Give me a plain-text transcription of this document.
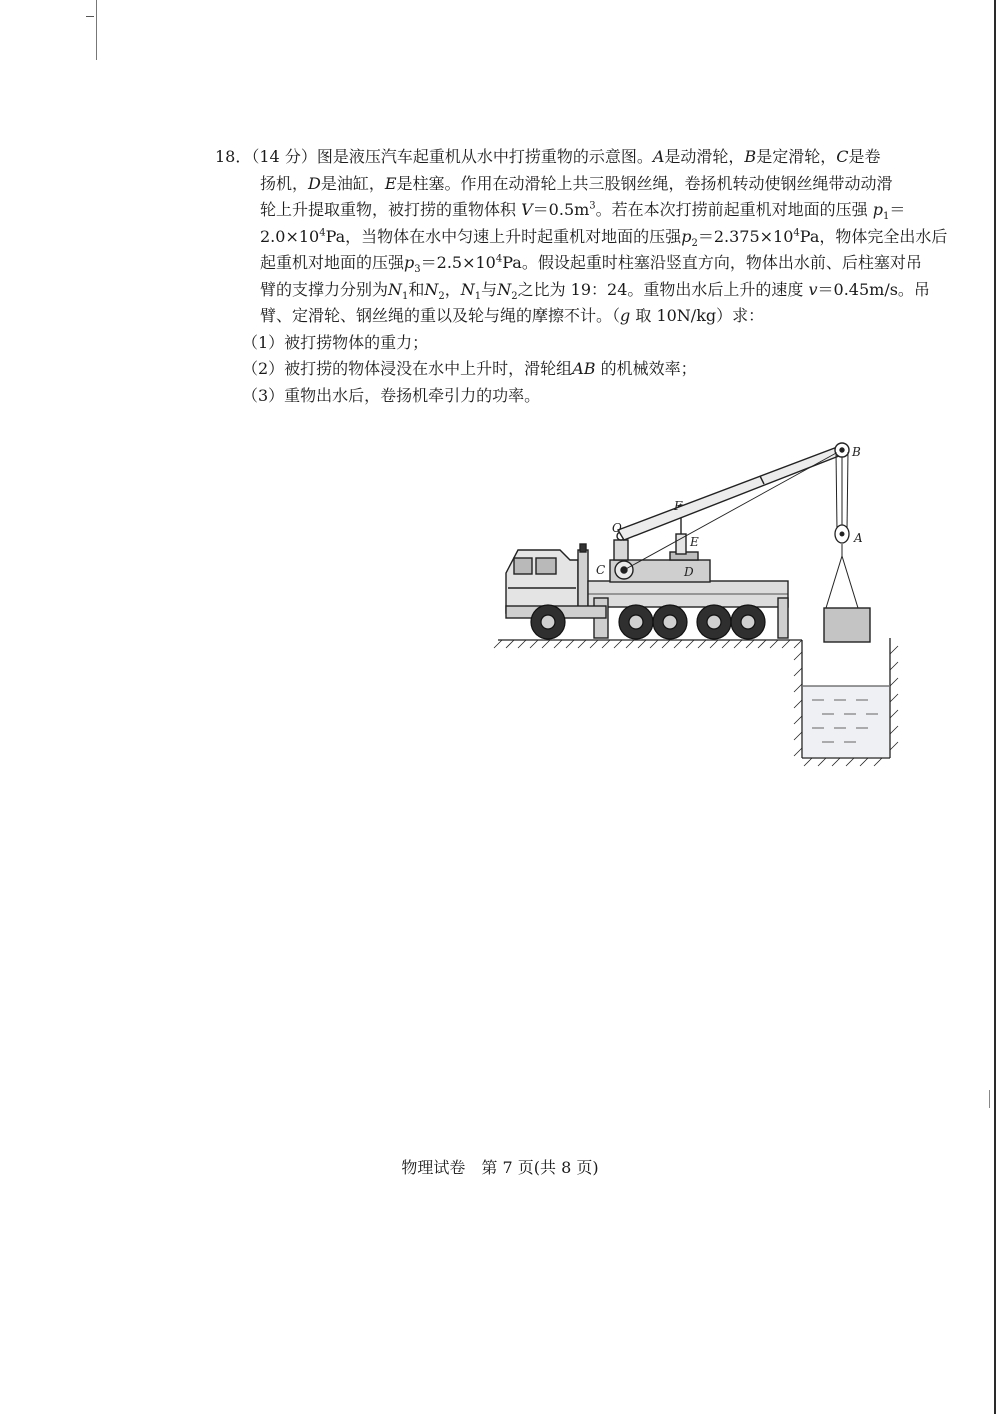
18．（14 分）图是液压汽车起重机从水中打捞重物的示意图。A是动滑轮，B是定滑轮，C是卷
扬机，D是油缸，E是柱塞。作用在动滑轮上共三股钢丝绳，卷扬机转动使钢丝绳带动动滑
轮上升提取重物，被打捞的重物体积 $V=0.5m^3$。若在本次打捞前起重机对地面的压强 $p_1=$
$2.0\times 10^4Pa$，当物体在水中匀速上升时起重机对地面的压强$p_2=2.375\times 10^4Pa$，物体完全出水后
起重机对地面的压强$p_3=2.5\times 10^4Pa$。假设起重时柱塞沿竖直方向，物体出水前、后柱塞对吊
臂的支撑力分别为$N_1$和$N_2$，$N_1$与$N_2$之比为 19：24。重物出水后上升的速度 v＝0.45m/s。吊
臂、定滑轮、钢丝绳的重以及轮与绳的摩擦不计。（g 取 10N/kg）求：
（1）被打捞物体的重力；
（2）被打捞的物体浸没在水中上升时，滑轮组AB 的机械效率；
（3）重物出水后，卷扬机牵引力的功率。
B
A
C	D
E
F
O
物理试卷　第 7 页(共 8 页)
